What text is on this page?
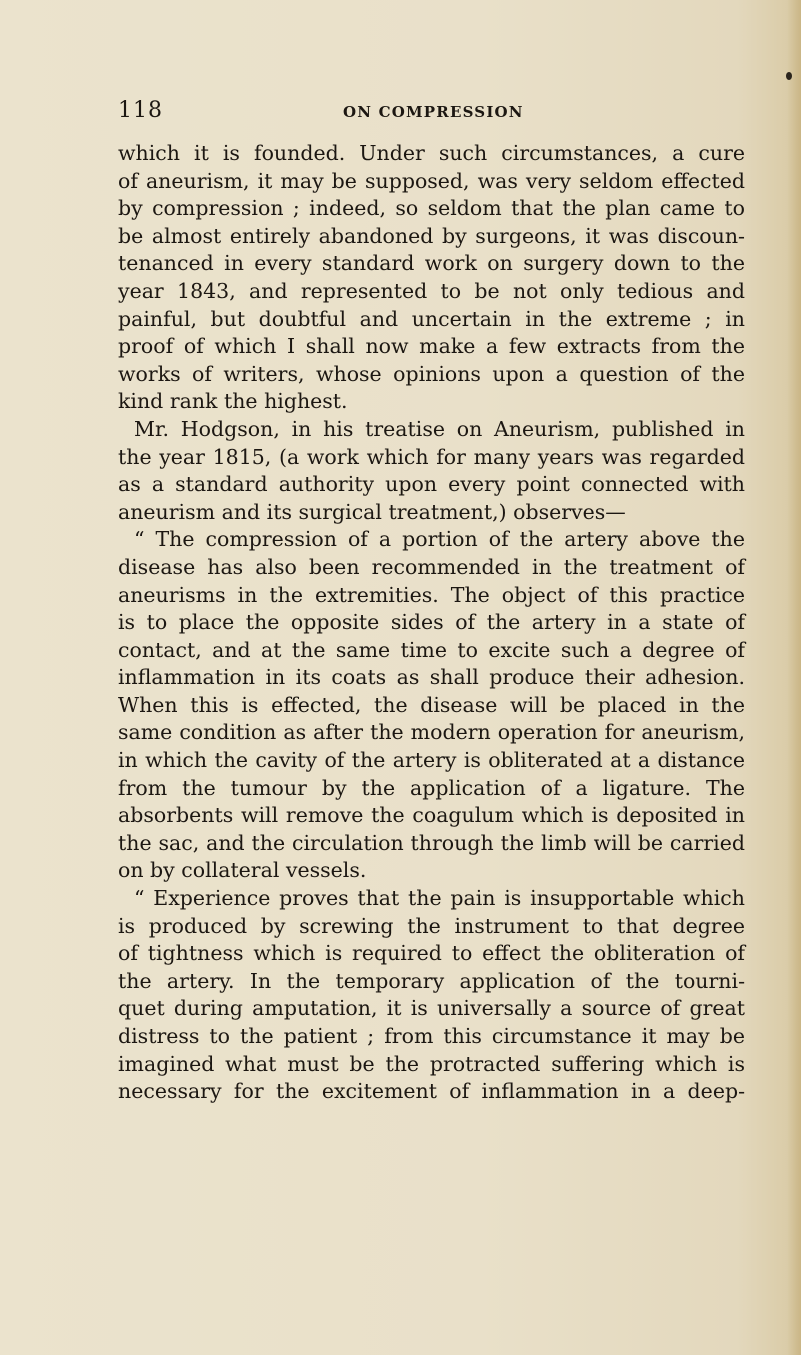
118	ON COMPRESSION
which it is founded. Under such circumstances, a cure
of aneurism, it may be supposed, was very seldom effected
by compression ; indeed, so seldom that the plan came to
be almost entirely abandoned by surgeons, it was discoun-
tenanced in every standard work on surgery down to the
year 1843, and represented to be not only tedious and
painful, but doubtful and uncertain in the extreme ; in
proof of which I shall now make a few extracts from the
works of writers, whose opinions upon a question of the
kind rank the highest.
Mr. Hodgson, in his treatise on Aneurism, published in
the year 1815, (a work which for many years was regarded
as a standard authority upon every point connected with
aneurism and its surgical treatment,) observes—
“ The compression of a portion of the artery above the
disease has also been recommended in the treatment of
aneurisms in the extremities. The object of this practice
is to place the opposite sides of the artery in a state of
contact, and at the same time to excite such a degree of
inflammation in its coats as shall produce their adhesion.
When this is effected, the disease will be placed in the
same condition as after the modern operation for aneurism,
in which the cavity of the artery is obliterated at a distance
from the tumour by the application of a ligature. The
absorbents will remove the coagulum which is deposited in
the sac, and the circulation through the limb will be carried
on by collateral vessels.
“ Experience proves that the pain is insupportable which
is produced by screwing the instrument to that degree
of tightness which is required to effect the obliteration of
the artery. In the temporary application of the tourni-
quet during amputation, it is universally a source of great
distress to the patient ; from this circumstance it may be
imagined what must be the protracted suffering which is
necessary for the excitement of inflammation in a deep-
